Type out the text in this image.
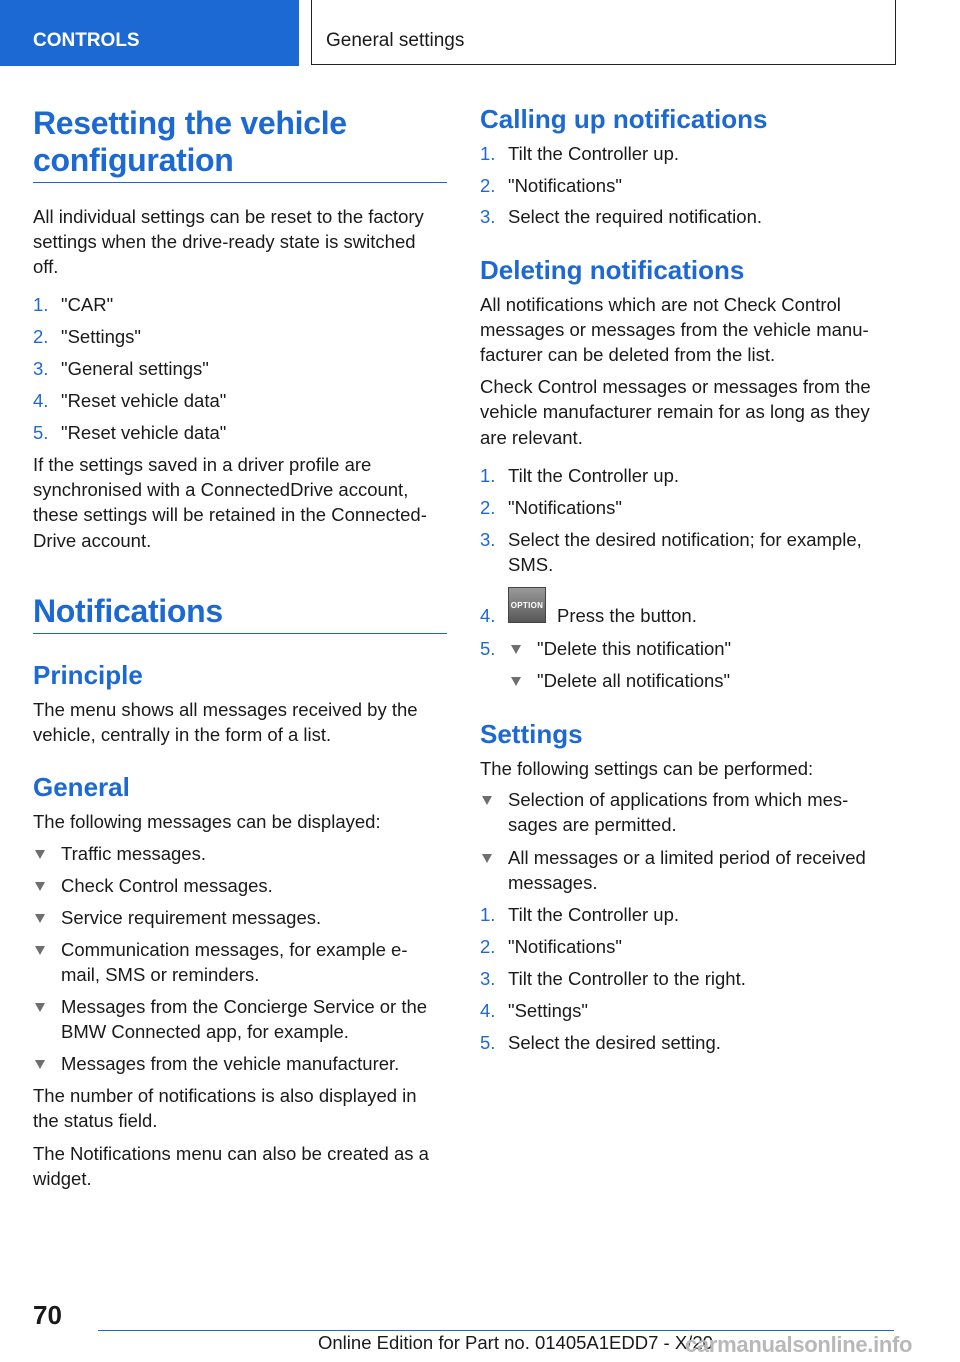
CONTROLS	General settings
Resetting the vehicle
configuration
All individual settings can be reset to the factory
settings when the drive-ready state is switched
off.
1. "CAR"
2. "Settings"
3. "General settings"
4. "Reset vehicle data"
5. "Reset vehicle data"
If the settings saved in a driver profile are
synchronised with a ConnectedDrive account,
these settings will be retained in the Connected‐
Drive account.
Notifications
Principle
The menu shows all messages received by the
vehicle, centrally in the form of a list.
General
The following messages can be displayed:
Traffic messages.
Check Control messages.
Service requirement messages.
Communication messages, for example e-
mail, SMS or reminders.
Messages from the Concierge Service or the
BMW Connected app, for example.
Messages from the vehicle manufacturer.
The number of notifications is also displayed in
the status field.
The Notifications menu can also be created as a
widget.
Calling up notifications
1. Tilt the Controller up.
2. "Notifications"
3. Select the required notification.
Deleting notifications
All notifications which are not Check Control
messages or messages from the vehicle manu‐
facturer can be deleted from the list.
Check Control messages or messages from the
vehicle manufacturer remain for as long as they
are relevant.
1. Tilt the Controller up.
2. "Notifications"
3. Select the desired notification; for example,
SMS.
4.	OPTION Press the button.
5. "Delete this notification"
"Delete all notifications"
Settings
The following settings can be performed:
Selection of applications from which mes‐
sages are permitted.
All messages or a limited period of received
messages.
1. Tilt the Controller up.
2. "Notifications"
3. Tilt the Controller to the right.
4. "Settings"
5. Select the desired setting.
70
Online Edition for Part no. 01405A1EDD7 - X/20
carmanualsonline.info
